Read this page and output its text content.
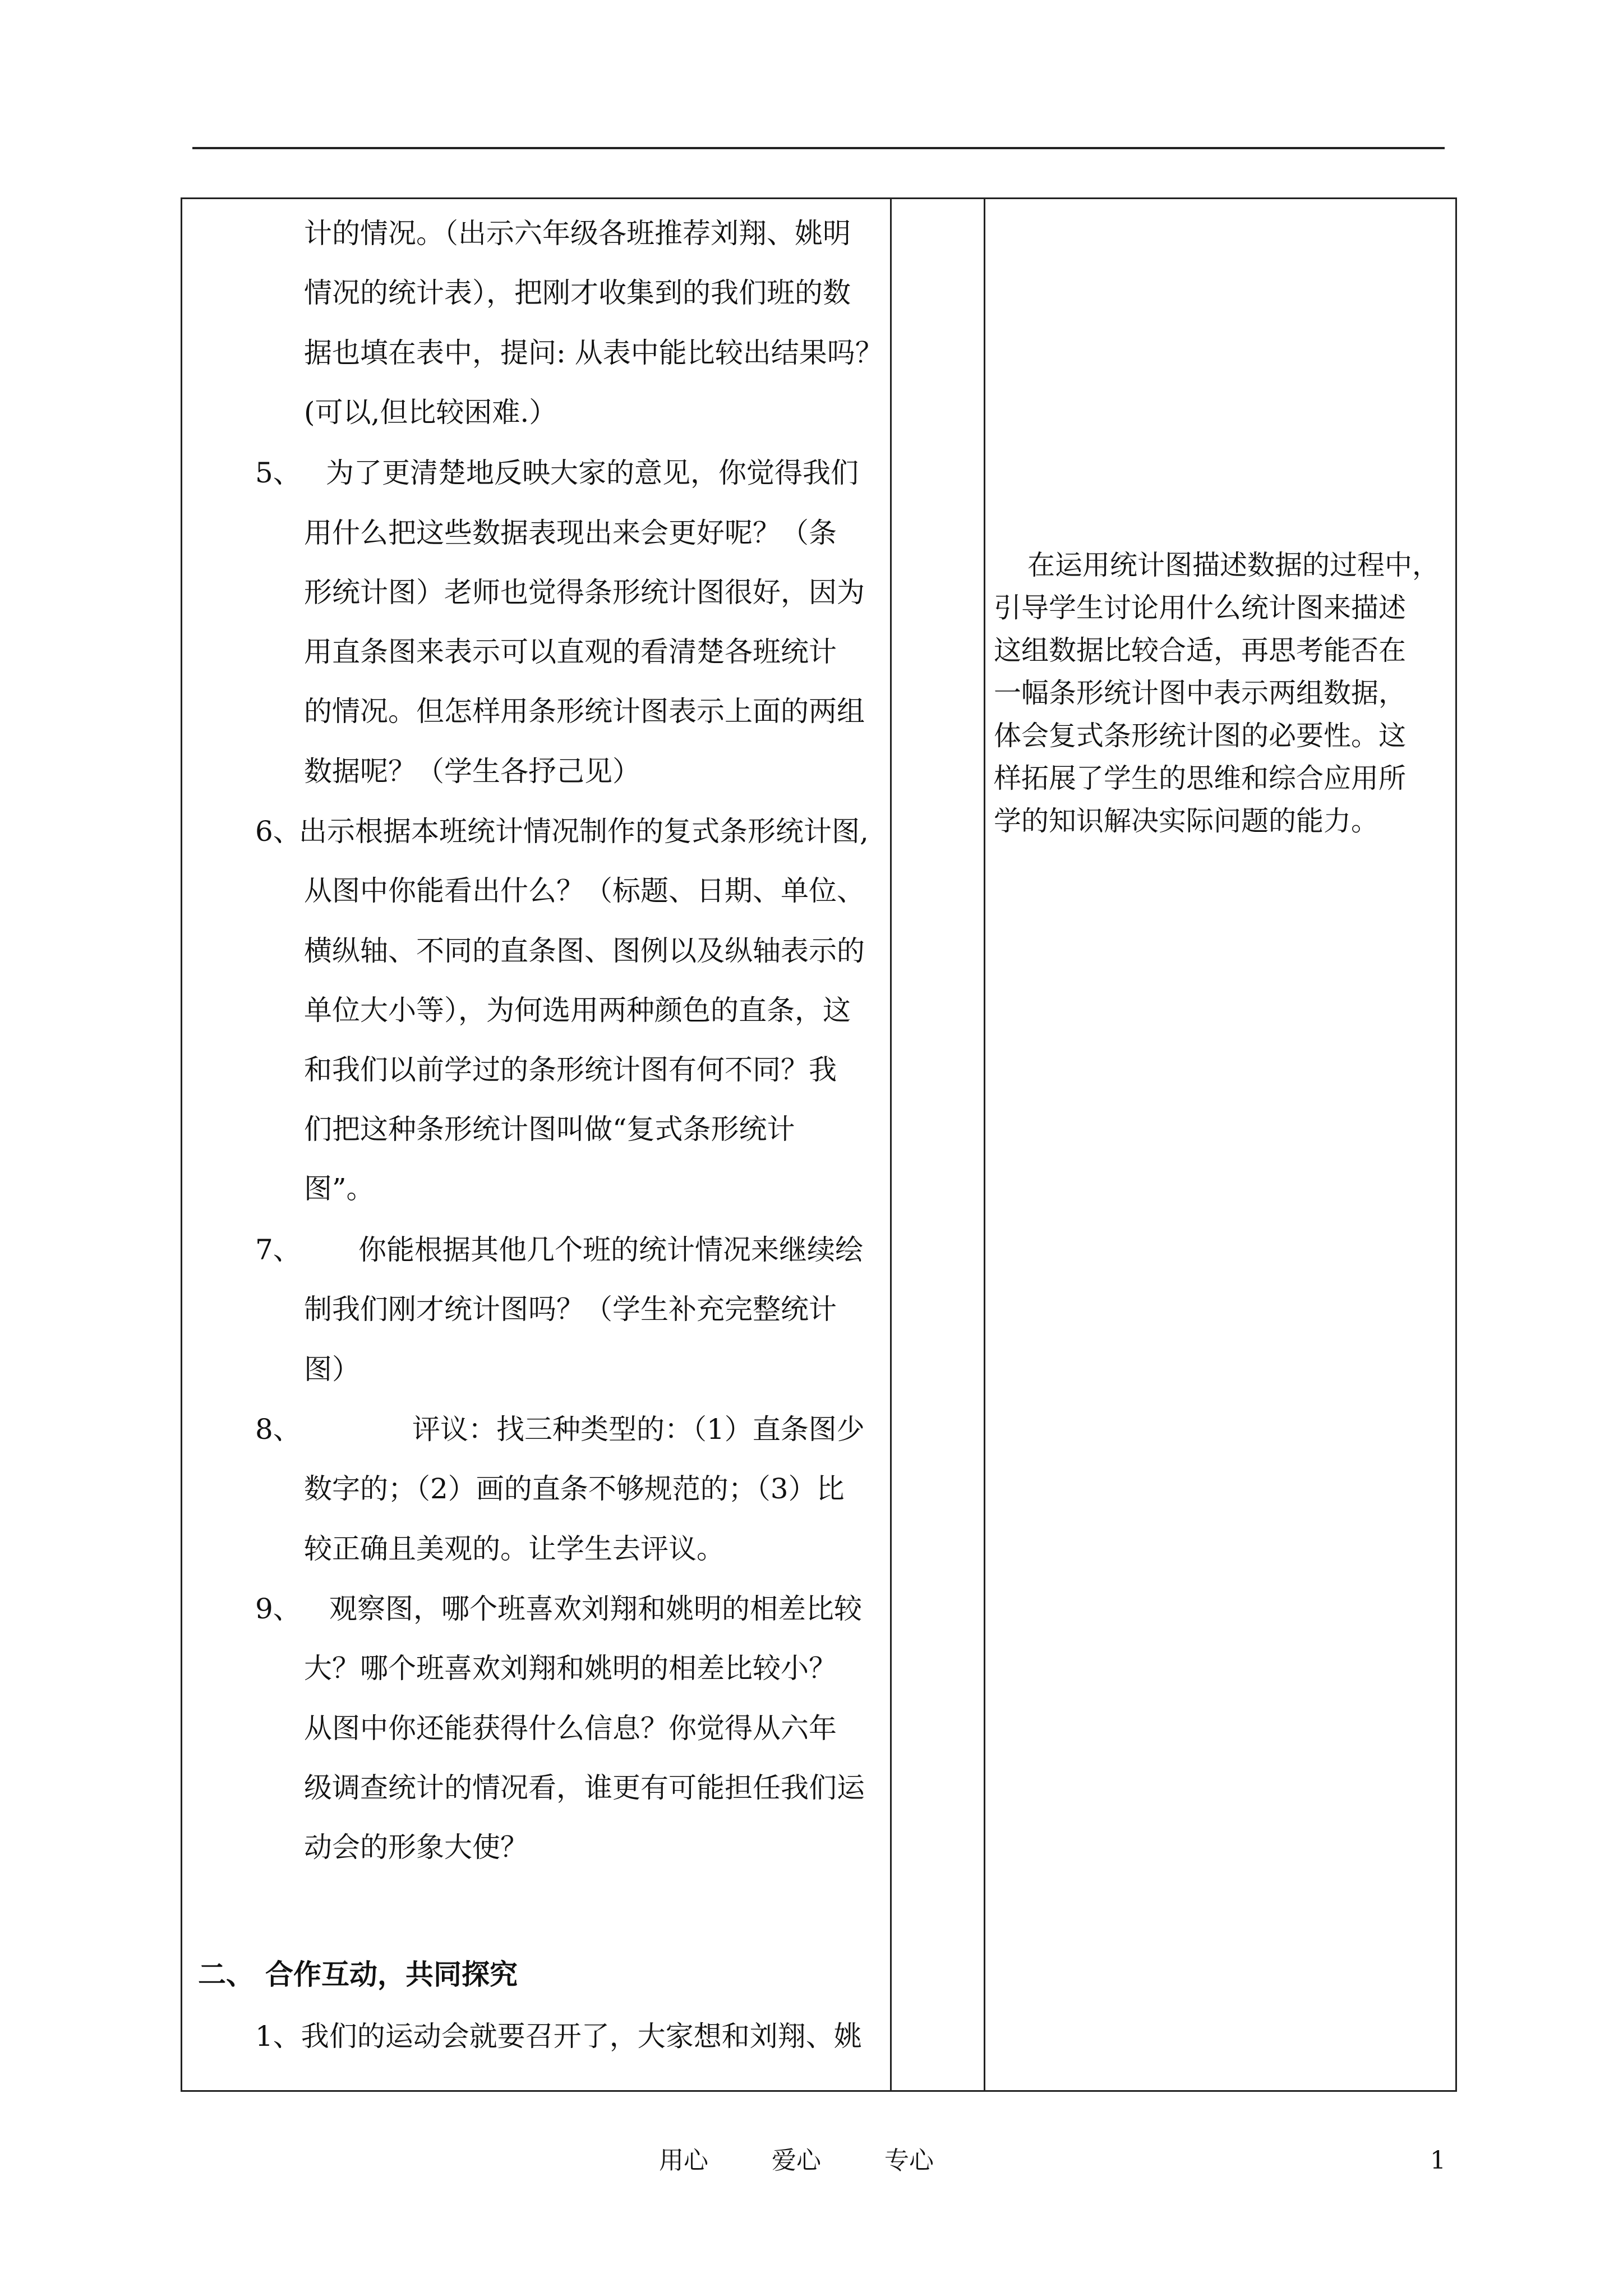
计的情况。（出示六年级各班推荐刘翔、姚明
情况的统计表），把刚才收集到的我们班的数
据也填在表中，提问: 从表中能比较出结果吗？
(可以,但比较困难.）
5、 为了更清楚地反映大家的意见，你觉得我们
用什么把这些数据表现出来会更好呢？（条
形统计图）老师也觉得条形统计图很好，因为
用直条图来表示可以直观的看清楚各班统计
的情况。但怎样用条形统计图表示上面的两组
数据呢？（学生各抒己见）
6、
出示根据本班统计情况制作的复式条形统计图,
从图中你能看出什么？（标题、日期、单位、
横纵轴、不同的直条图、图例以及纵轴表示的
单位大小等），为何选用两种颜色的直条，这
和我们以前学过的条形统计图有何不同？我
们把这种条形统计图叫做“复式条形统计
图”。
7、 你能根据其他几个班的统计情况来继续绘
制我们刚才统计图吗？（学生补充完整统计
图）
8、	评议：找三种类型的：（1）直条图少
数字的；（2）画的直条不够规范的；（3）比
较正确且美观的。让学生去评议。
9、 观察图，哪个班喜欢刘翔和姚明的相差比较
大？哪个班喜欢刘翔和姚明的相差比较小？
从图中你还能获得什么信息？你觉得从六年
级调查统计的情况看，谁更有可能担任我们运
动会的形象大使？
二、 合作互动，共同探究
1、我们的运动会就要召开了，大家想和刘翔、姚
在运用统计图描述数据的过程中，
引导学生讨论用什么统计图来描述
这组数据比较合适，再思考能否在
一幅条形统计图中表示两组数据，
体会复式条形统计图的必要性。这
样拓展了学生的思维和综合应用所
学的知识解决实际问题的能力。
用心	爱心	专心	1
